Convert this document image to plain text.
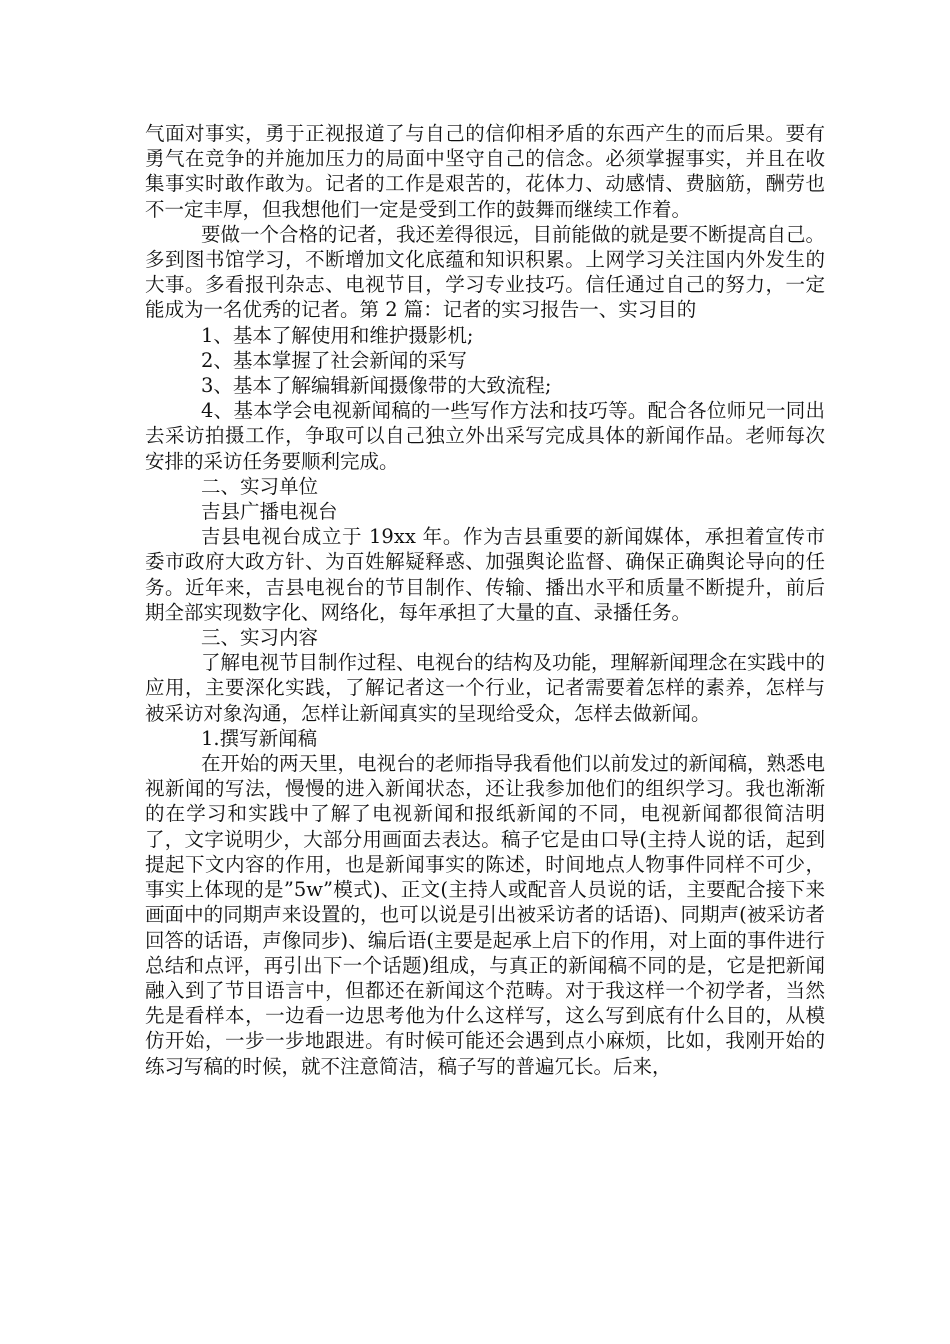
气面对事实，勇于正视报道了与自己的信仰相矛盾的东西产生的而后果。要有勇气在竞争的并施加压力的局面中坚守自己的信念。必须掌握事实，并且在收集事实时敢作敢为。记者的工作是艰苦的，花体力、动感情、费脑筋，酬劳也不一定丰厚，但我想他们一定是受到工作的鼓舞而继续工作着。

要做一个合格的记者，我还差得很远，目前能做的就是要不断提高自己。多到图书馆学习，不断增加文化底蕴和知识积累。上网学习关注国内外发生的大事。多看报刊杂志、电视节目，学习专业技巧。信任通过自己的努力，一定能成为一名优秀的记者。第 2 篇：记者的实习报告一、实习目的

1、基本了解使用和维护摄影机;

2、基本掌握了社会新闻的采写

3、基本了解编辑新闻摄像带的大致流程;

4、基本学会电视新闻稿的一些写作方法和技巧等。配合各位师兄一同出去采访拍摄工作，争取可以自己独立外出采写完成具体的新闻作品。老师每次安排的采访任务要顺利完成。

二、实习单位

吉县广播电视台

吉县电视台成立于 19xx 年。作为吉县重要的新闻媒体，承担着宣传市委市政府大政方针、为百姓解疑释惑、加强舆论监督、确保正确舆论导向的任务。近年来，吉县电视台的节目制作、传输、播出水平和质量不断提升，前后期全部实现数字化、网络化，每年承担了大量的直、录播任务。

三、实习内容

了解电视节目制作过程、电视台的结构及功能，理解新闻理念在实践中的应用，主要深化实践，了解记者这一个行业，记者需要着怎样的素养，怎样与被采访对象沟通，怎样让新闻真实的呈现给受众，怎样去做新闻。

1.撰写新闻稿

在开始的两天里，电视台的老师指导我看他们以前发过的新闻稿，熟悉电视新闻的写法，慢慢的进入新闻状态，还让我参加他们的组织学习。我也渐渐的在学习和实践中了解了电视新闻和报纸新闻的不同，电视新闻都很简洁明了，文字说明少，大部分用画面去表达。稿子它是由口导(主持人说的话，起到提起下文内容的作用，也是新闻事实的陈述，时间地点人物事件同样不可少，事实上体现的是”5w”模式)、正文(主持人或配音人员说的话，主要配合接下来画面中的同期声来设置的，也可以说是引出被采访者的话语)、同期声(被采访者回答的话语，声像同步)、编后语(主要是起承上启下的作用，对上面的事件进行总结和点评，再引出下一个话题)组成，与真正的新闻稿不同的是，它是把新闻融入到了节目语言中，但都还在新闻这个范畴。对于我这样一个初学者，当然先是看样本，一边看一边思考他为什么这样写，这么写到底有什么目的，从模仿开始，一步一步地跟进。有时候可能还会遇到点小麻烦，比如，我刚开始的练习写稿的时候，就不注意简洁，稿子写的普遍冗长。后来，
